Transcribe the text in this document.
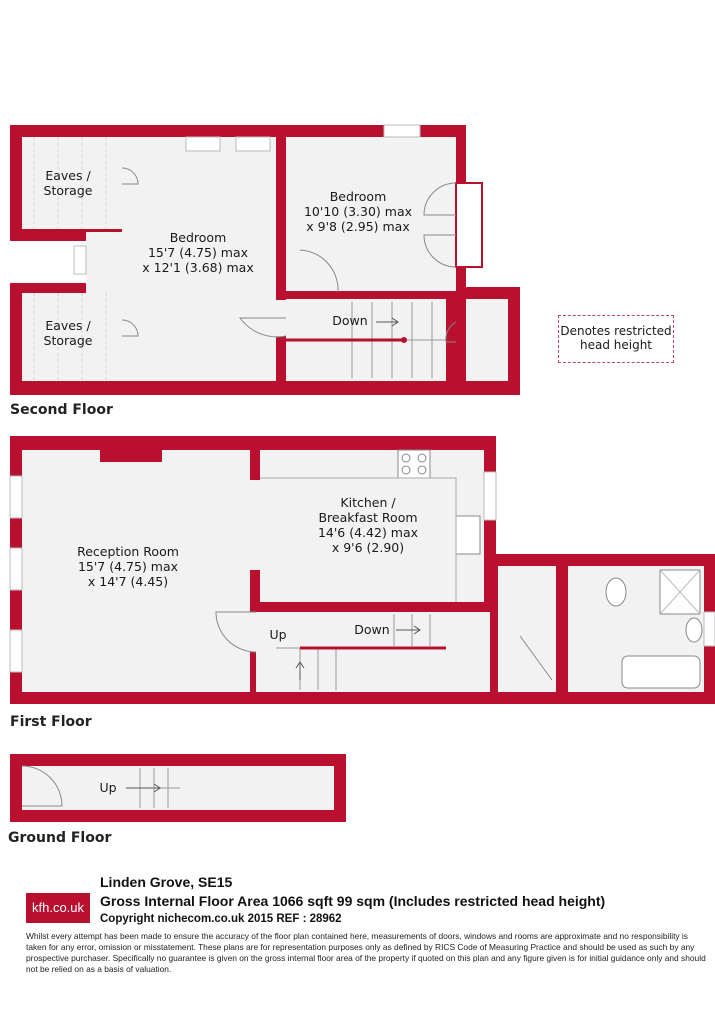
Eaves /
Storage
Bedroom
15'7 (4.75) max
x 12'1 (3.68) max
Bedroom
10'10 (3.30) max
x 9'8 (2.95) max
Eaves /
Storage
Down
Second Floor
Denotes restricted
head height
Reception Room
15'7 (4.75) max
x 14'7 (4.45)
Kitchen /
Breakfast Room
14'6 (4.42) max
x 9'6 (2.90)
Up	Down
First Floor
Up
Ground Floor
kfh.co.uk
Linden Grove, SE15
Gross Internal Floor Area 1066 sqft 99 sqm (Includes restricted head height)
Copyright nichecom.co.uk 2015 REF : 28962
Whilst every attempt has been made to ensure the accuracy of the floor plan contained here, measurements of doors, windows and rooms are approximate and no responsibility is taken for any error, omission or misstatement. These plans are for representation purposes only as defined by RICS Code of Measuring Practice and should be used as such by any prospective purchaser. Specifically no guarantee is given on the gross internal floor area of the property if quoted on this plan and any figure given is for initial guidance only and should not be relied on as a basis of valuation.
